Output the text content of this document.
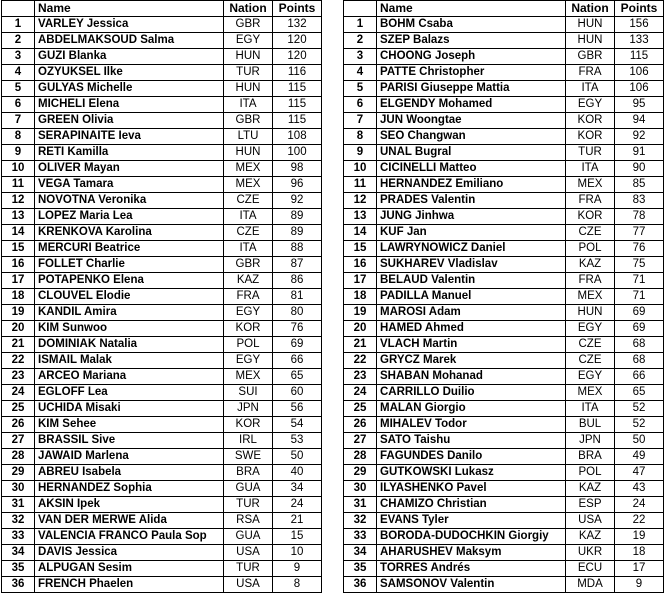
	Name	Nation	Points
1	VARLEY Jessica	GBR	132
2	ABDELMAKSOUD Salma	EGY	120
3	GUZI Blanka	HUN	120
4	OZYUKSEL Ilke	TUR	116
5	GULYAS Michelle	HUN	115
6	MICHELI Elena	ITA	115
7	GREEN Olivia	GBR	115
8	SERAPINAITE Ieva	LTU	108
9	RETI Kamilla	HUN	100
10	OLIVER Mayan	MEX	98
11	VEGA Tamara	MEX	96
12	NOVOTNA Veronika	CZE	92
13	LOPEZ Maria Lea	ITA	89
14	KRENKOVA Karolina	CZE	89
15	MERCURI Beatrice	ITA	88
16	FOLLET Charlie	GBR	87
17	POTAPENKO Elena	KAZ	86
18	CLOUVEL Elodie	FRA	81
19	KANDIL Amira	EGY	80
20	KIM Sunwoo	KOR	76
21	DOMINIAK Natalia	POL	69
22	ISMAIL Malak	EGY	66
23	ARCEO Mariana	MEX	65
24	EGLOFF Lea	SUI	60
25	UCHIDA Misaki	JPN	56
26	KIM Sehee	KOR	54
27	BRASSIL Sive	IRL	53
28	JAWAID Marlena	SWE	50
29	ABREU Isabela	BRA	40
30	HERNANDEZ Sophia	GUA	34
31	AKSIN Ipek	TUR	24
32	VAN DER MERWE Alida	RSA	21
33	VALENCIA FRANCO Paula Sop	GUA	15
34	DAVIS Jessica	USA	10
35	ALPUGAN Sesim	TUR	9
36	FRENCH Phaelen	USA	8
	Name	Nation	Points
1	BOHM Csaba	HUN	156
2	SZEP Balazs	HUN	133
3	CHOONG Joseph	GBR	115
4	PATTE Christopher	FRA	106
5	PARISI Giuseppe Mattia	ITA	106
6	ELGENDY Mohamed	EGY	95
7	JUN Woongtae	KOR	94
8	SEO Changwan	KOR	92
9	UNAL Bugral	TUR	91
10	CICINELLI Matteo	ITA	90
11	HERNANDEZ Emiliano	MEX	85
12	PRADES Valentin	FRA	83
13	JUNG Jinhwa	KOR	78
14	KUF Jan	CZE	77
15	LAWRYNOWICZ Daniel	POL	76
16	SUKHAREV Vladislav	KAZ	75
17	BELAUD Valentin	FRA	71
18	PADILLA Manuel	MEX	71
19	MAROSI Adam	HUN	69
20	HAMED Ahmed	EGY	69
21	VLACH Martin	CZE	68
22	GRYCZ Marek	CZE	68
23	SHABAN Mohanad	EGY	66
24	CARRILLO Duilio	MEX	65
25	MALAN Giorgio	ITA	52
26	MIHALEV Todor	BUL	52
27	SATO Taishu	JPN	50
28	FAGUNDES Danilo	BRA	49
29	GUTKOWSKI Lukasz	POL	47
30	ILYASHENKO Pavel	KAZ	43
31	CHAMIZO Christian	ESP	24
32	EVANS Tyler	USA	22
33	BORODA-DUDOCHKIN Giorgiy	KAZ	19
34	AHARUSHEV Maksym	UKR	18
35	TORRES Andrés	ECU	17
36	SAMSONOV Valentin	MDA	9
